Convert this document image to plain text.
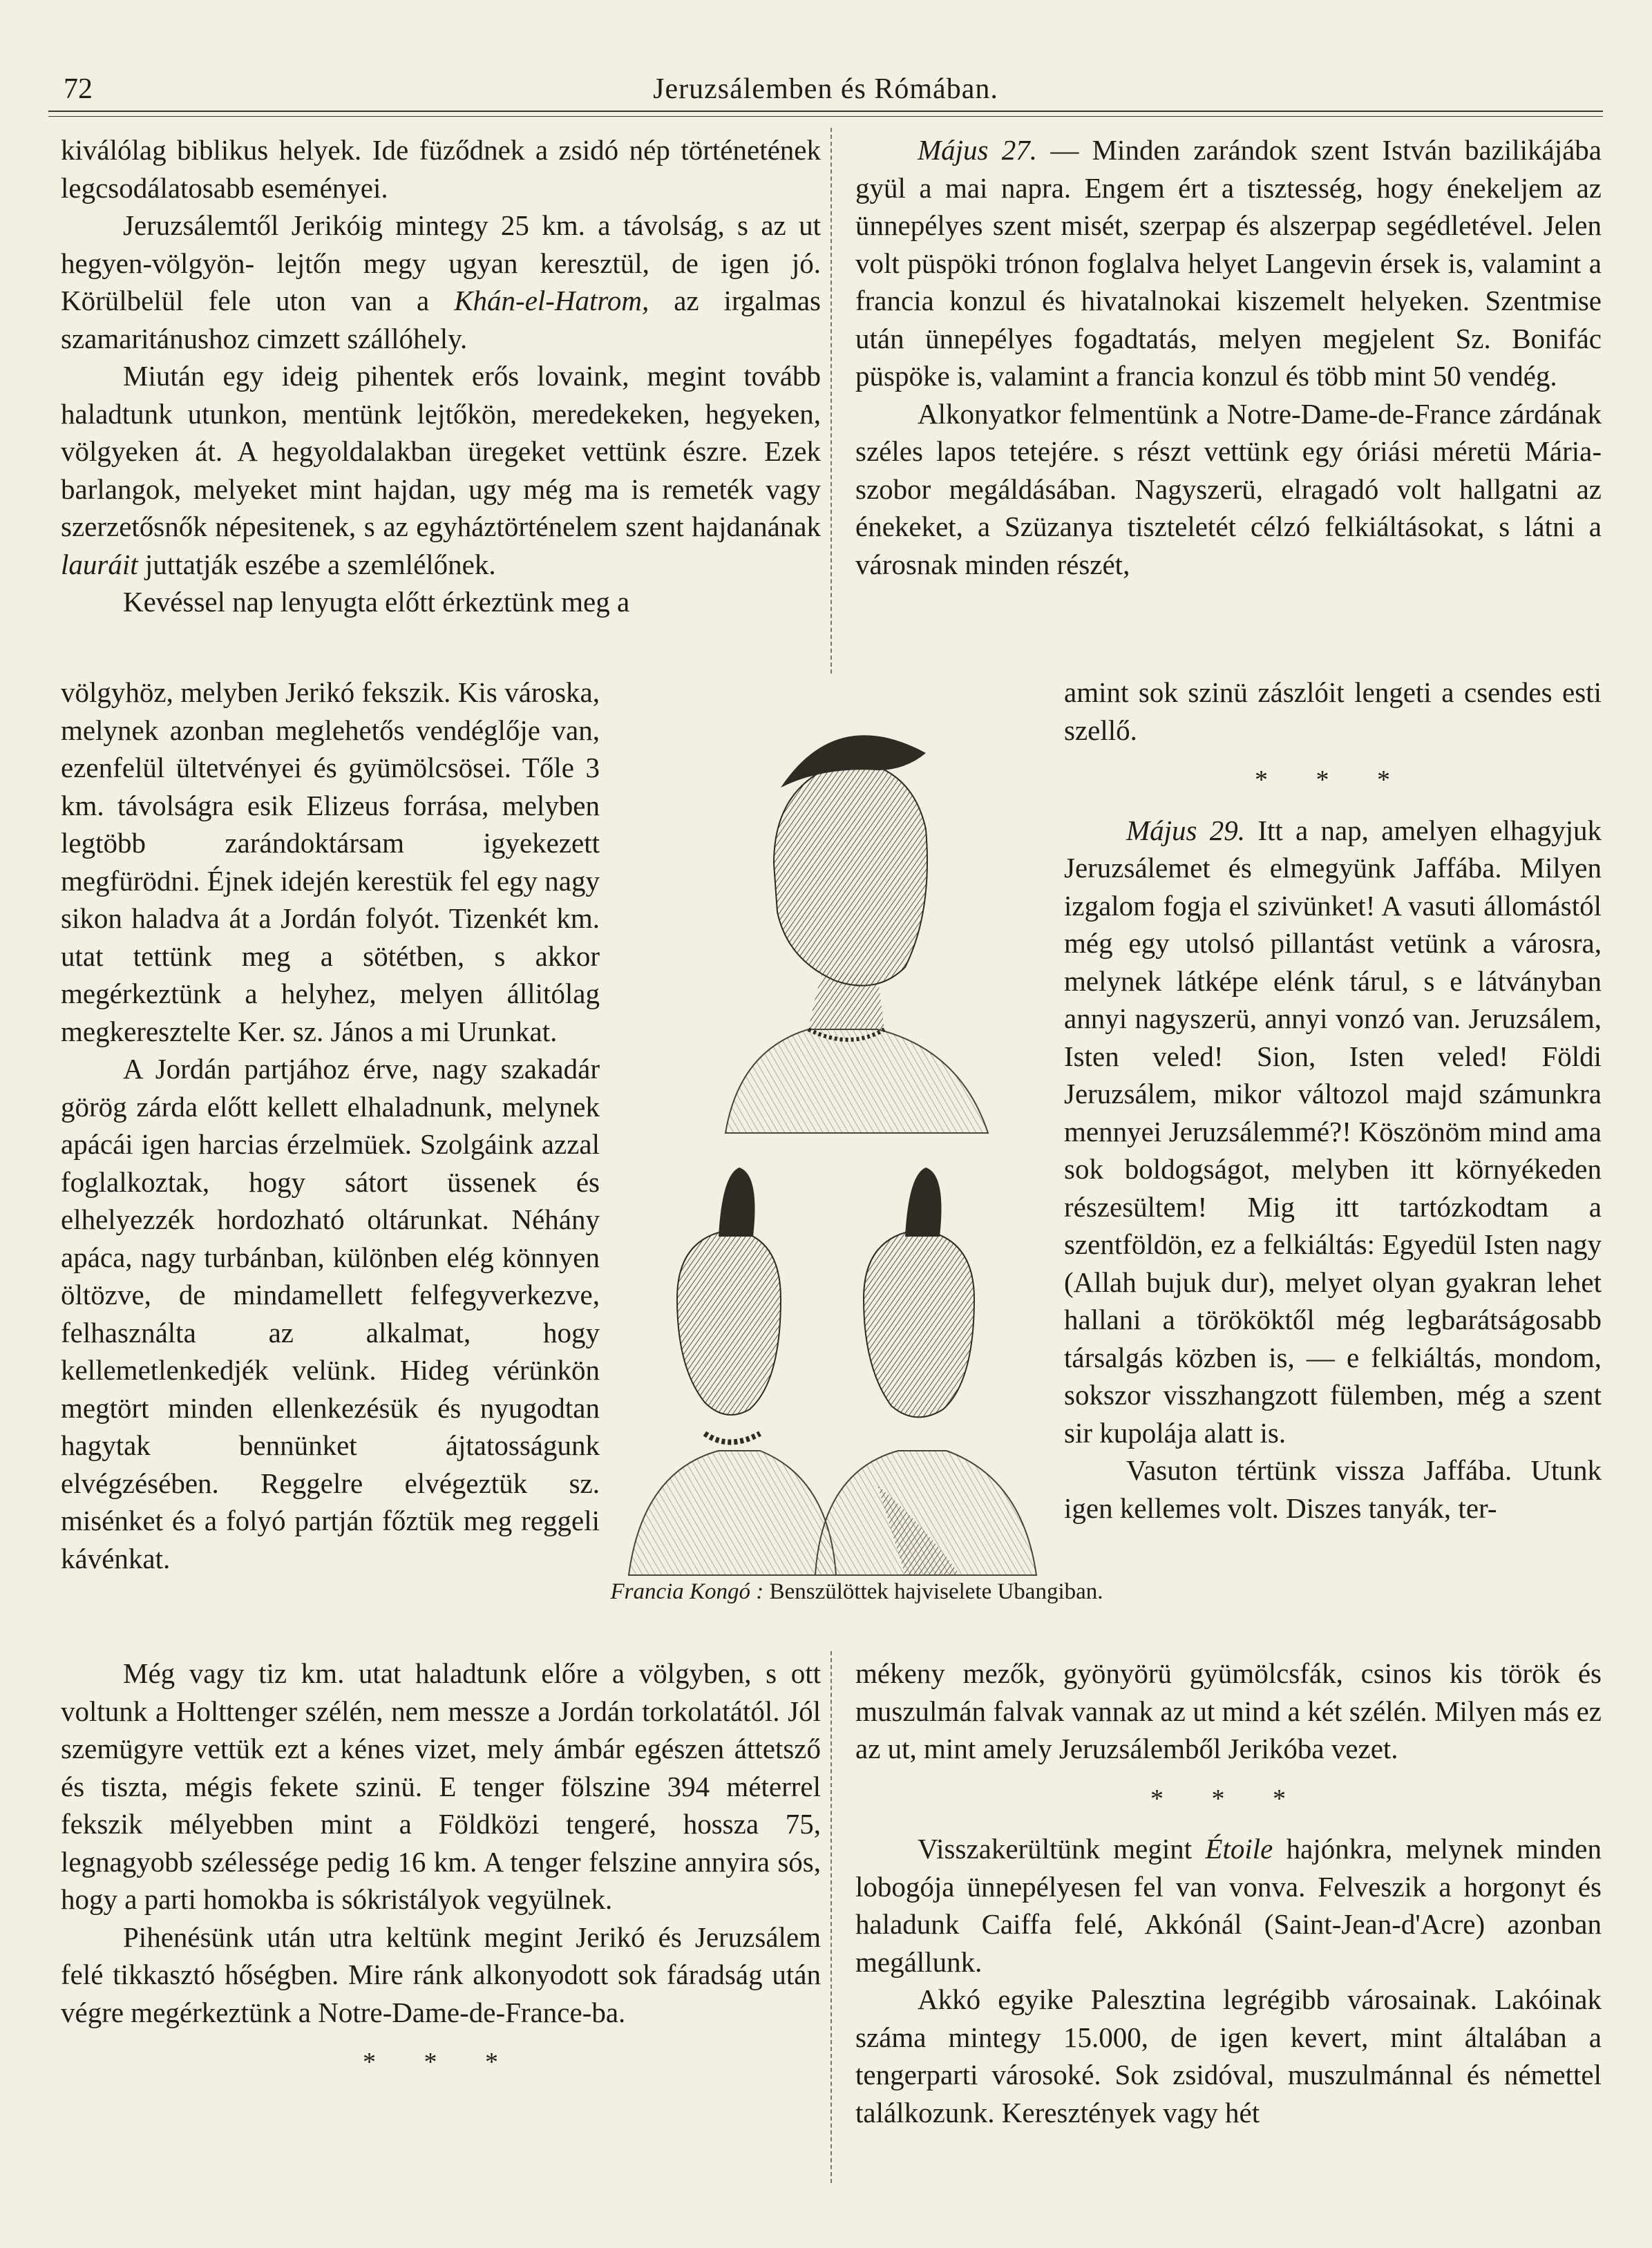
72	Jeruzsálemben és Rómában.

kiválólag biblikus helyek. Ide füződnek a zsidó nép történetének legcsodálatosabb eseményei.

Jeruzsálemtől Jerikóig mintegy 25 km. a távolság, s az ut hegyen-völgyön- lejtőn megy ugyan keresztül, de igen jó. Körülbelül fele uton van a Khán-el-Hatrom, az irgalmas szamaritánushoz cimzett szállóhely.

Miután egy ideig pihentek erős lovaink, megint tovább haladtunk utunkon, mentünk lejtőkön, meredekeken, hegyeken, völgyeken át. A hegyoldalakban üregeket vettünk észre. Ezek barlangok, melyeket mint hajdan, ugy még ma is remeték vagy szerzetősnők népesitenek, s az egyháztörténelem szent hajdanának lauráit juttatják eszébe a szemlélőnek.

Kevéssel nap lenyugta előtt érkeztünk meg a

völgyhöz, melyben Jerikó fekszik. Kis városka, melynek azonban meglehetős vendéglője van, ezenfelül ültetvényei és gyümölcsösei. Tőle 3 km. távolságra esik Elizeus forrása, melyben legtöbb zarándoktársam igyekezett megfürödni. Éjnek idején kerestük fel egy nagy sikon haladva át a Jordán folyót. Tizenkét km. utat tettünk meg a sötétben, s akkor megérkeztünk a helyhez, melyen állitólag megkeresztelte Ker. sz. János a mi Urunkat.

A Jordán partjához érve, nagy szakadár görög zárda előtt kellett elhaladnunk, melynek apácái igen harcias érzelmüek. Szolgáink azzal foglalkoztak, hogy sátort üssenek és elhelyezzék hordozható oltárunkat. Néhány apáca, nagy turbánban, különben elég könnyen öltözve, de mindamellett felfegyverkezve, felhasználta az alkalmat, hogy kellemetlenkedjék velünk. Hideg vérünkön megtört minden ellenkezésük és nyugodtan hagytak bennünket ájtatosságunk elvégzésében. Reggelre elvégeztük sz. misénket és a folyó partján főztük meg reggeli kávénkat.

Még vagy tiz km. utat haladtunk előre a völgyben, s ott voltunk a Holttenger szélén, nem messze a Jordán torkolatától. Jól szemügyre vettük ezt a kénes vizet, mely ámbár egészen áttetsző és tiszta, mégis fekete szinü. E tenger fölszine 394 méterrel fekszik mélyebben mint a Földközi tengeré, hossza 75, legnagyobb szélessége pedig 16 km. A tenger felszine annyira sós, hogy a parti homokba is sókristályok vegyülnek.

Pihenésünk után utra keltünk megint Jerikó és Jeruzsálem felé tikkasztó hőségben. Mire ránk alkonyodott sok fáradság után végre megérkeztünk a Notre-Dame-de-France-ba.

* * *

Május 27. — Minden zarándok szent István bazilikájába gyül a mai napra. Engem ért a tisztesség, hogy énekeljem az ünnepélyes szent misét, szerpap és alszerpap segédletével. Jelen volt püspöki trónon foglalva helyet Langevin érsek is, valamint a francia konzul és hivatalnokai kiszemelt helyeken. Szentmise után ünnepélyes fogadtatás, melyen megjelent Sz. Bonifác püspöke is, valamint a francia konzul és több mint 50 vendég.

Alkonyatkor felmentünk a Notre-Dame-de-France zárdának széles lapos tetejére. s részt vettünk egy óriási méretü Mária-szobor megáldásában. Nagyszerü, elragadó volt hallgatni az énekeket, a Szüzanya tiszteletét célzó felkiáltásokat, s látni a városnak minden részét,

amint sok szinü zászlóit lengeti a csendes esti szellő.

* * *

Május 29. Itt a nap, amelyen elhagyjuk Jeruzsálemet és elmegyünk Jaffába. Milyen izgalom fogja el szivünket! A vasuti állomástól még egy utolsó pillantást vetünk a városra, melynek látképe elénk tárul, s e látványban annyi nagyszerü, annyi vonzó van. Jeruzsálem, Isten veled! Sion, Isten veled! Földi Jeruzsálem, mikor változol majd számunkra mennyei Jeruzsálemmé?! Köszönöm mind ama sok boldogságot, melyben itt környékeden részesültem! Mig itt tartózkodtam a szentföldön, ez a felkiáltás: Egyedül Isten nagy (Allah bujuk dur), melyet olyan gyakran lehet hallani a törököktől még legbarátságosabb társalgás közben is, — e felkiáltás, mondom, sokszor visszhangzott fülemben, még a szent sir kupolája alatt is.

Vasuton tértünk vissza Jaffába. Utunk igen kellemes volt. Diszes tanyák, ter-

mékeny mezők, gyönyörü gyümölcsfák, csinos kis török és muszulmán falvak vannak az ut mind a két szélén. Milyen más ez az ut, mint amely Jeruzsálemből Jerikóba vezet.

* * *

Visszakerültünk megint Étoile hajónkra, melynek minden lobogója ünnepélyesen fel van vonva. Felveszik a horgonyt és haladunk Caiffa felé, Akkónál (Saint-Jean-d'Acre) azonban megállunk.

Akkó egyike Palesztina legrégibb városainak. Lakóinak száma mintegy 15.000, de igen kevert, mint általában a tengerparti városoké. Sok zsidóval, muszulmánnal és némettel találkozunk. Keresztények vagy hét

Francia Kongó : Benszülöttek hajviselete Ubangiban.
